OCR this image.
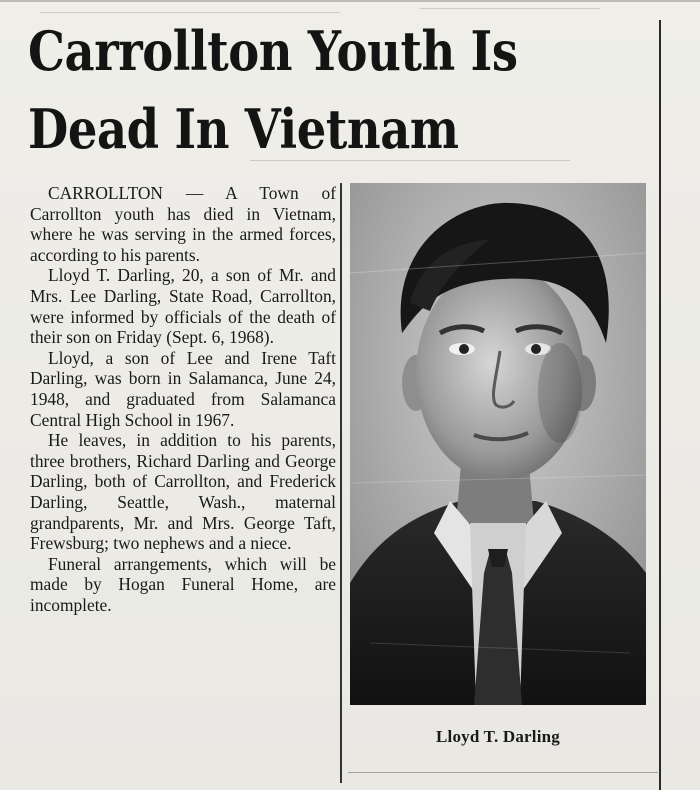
Carrollton Youth Is
Dead In Vietnam

CARROLLTON — A Town of Carrollton youth has died in Vietnam, where he was serving in the armed forces, according to his parents.

Lloyd T. Darling, 20, a son of Mr. and Mrs. Lee Darling, State Road, Carrollton, were informed by officials of the death of their son on Friday (Sept. 6, 1968).

Lloyd, a son of Lee and Irene Taft Darling, was born in Salamanca, June 24, 1948, and graduated from Salamanca Central High School in 1967.

He leaves, in addition to his parents, three brothers, Richard Darling and George Darling, both of Carrollton, and Frederick Darling, Seattle, Wash., maternal grandparents, Mr. and Mrs. George Taft, Frewsburg; two nephews and a niece.

Funeral arrangements, which will be made by Hogan Funeral Home, are incomplete.

Lloyd T. Darling
